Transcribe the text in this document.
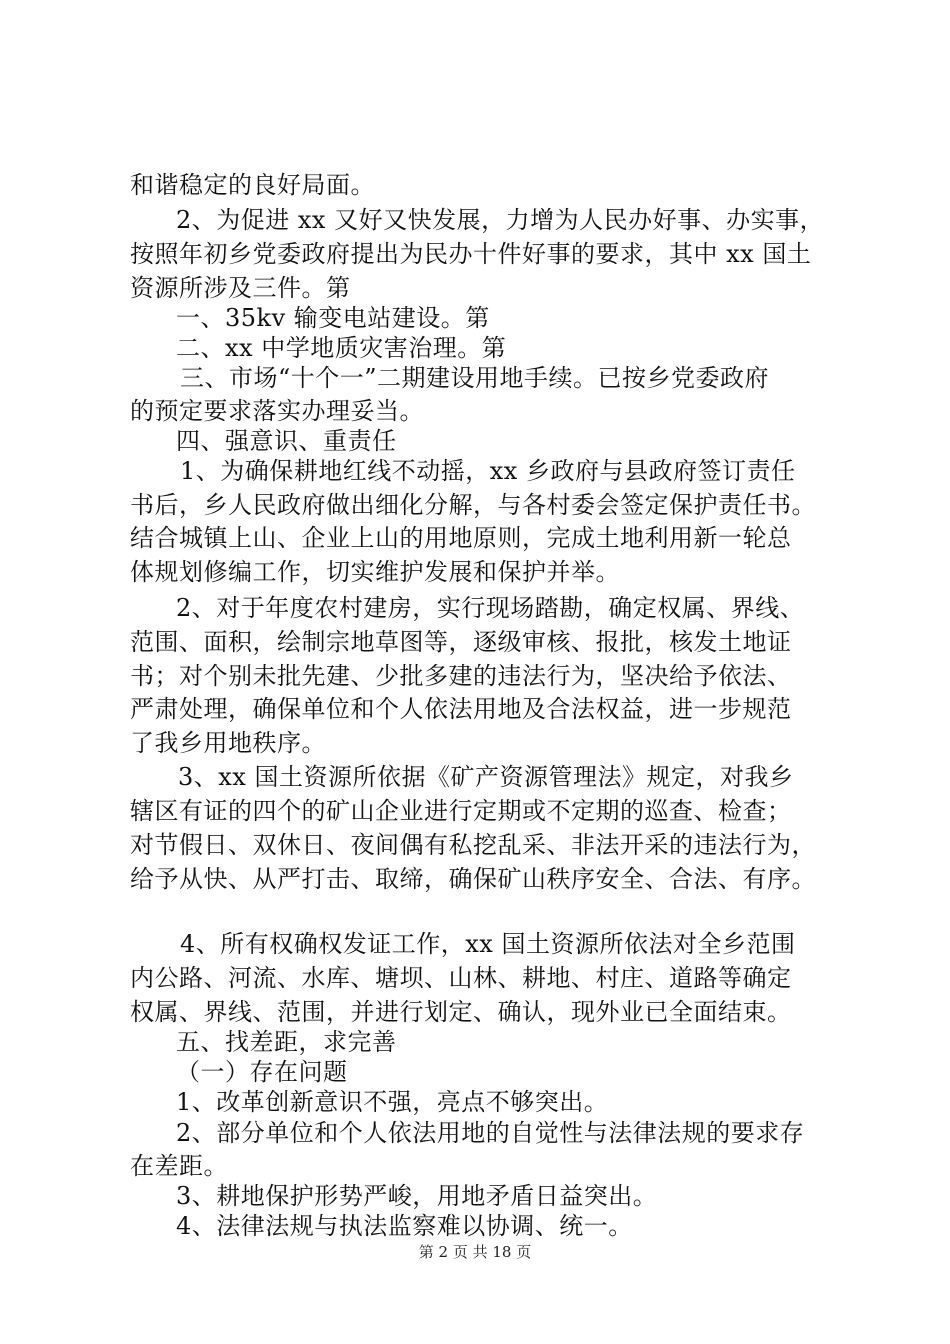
和谐稳定的良好局面。
2、为促进 xx 又好又快发展，力增为人民办好事、办实事，
按照年初乡党委政府提出为民办十件好事的要求，其中 xx 国土
资源所涉及三件。第
一、35kv 输变电站建设。第
二、xx 中学地质灾害治理。第
三、市场“十个一”二期建设用地手续。已按乡党委政府
的预定要求落实办理妥当。
四、强意识、重责任
1、为确保耕地红线不动摇，xx 乡政府与县政府签订责任
书后，乡人民政府做出细化分解，与各村委会签定保护责任书。
结合城镇上山、企业上山的用地原则，完成土地利用新一轮总
体规划修编工作，切实维护发展和保护并举。
2、对于年度农村建房，实行现场踏勘，确定权属、界线、
范围、面积，绘制宗地草图等，逐级审核、报批，核发土地证
书；对个别未批先建、少批多建的违法行为，坚决给予依法、
严肃处理，确保单位和个人依法用地及合法权益，进一步规范
了我乡用地秩序。
3、xx 国土资源所依据《矿产资源管理法》规定，对我乡
辖区有证的四个的矿山企业进行定期或不定期的巡查、检查；
对节假日、双休日、夜间偶有私挖乱采、非法开采的违法行为，
给予从快、从严打击、取缔，确保矿山秩序安全、合法、有序。
4、所有权确权发证工作，xx 国土资源所依法对全乡范围
内公路、河流、水库、塘坝、山林、耕地、村庄、道路等确定
权属、界线、范围，并进行划定、确认，现外业已全面结束。
五、找差距，求完善
（一）存在问题
1、改革创新意识不强，亮点不够突出。
2、部分单位和个人依法用地的自觉性与法律法规的要求存
在差距。
3、耕地保护形势严峻，用地矛盾日益突出。
4、法律法规与执法监察难以协调、统一。
第 2 页 共 18 页
